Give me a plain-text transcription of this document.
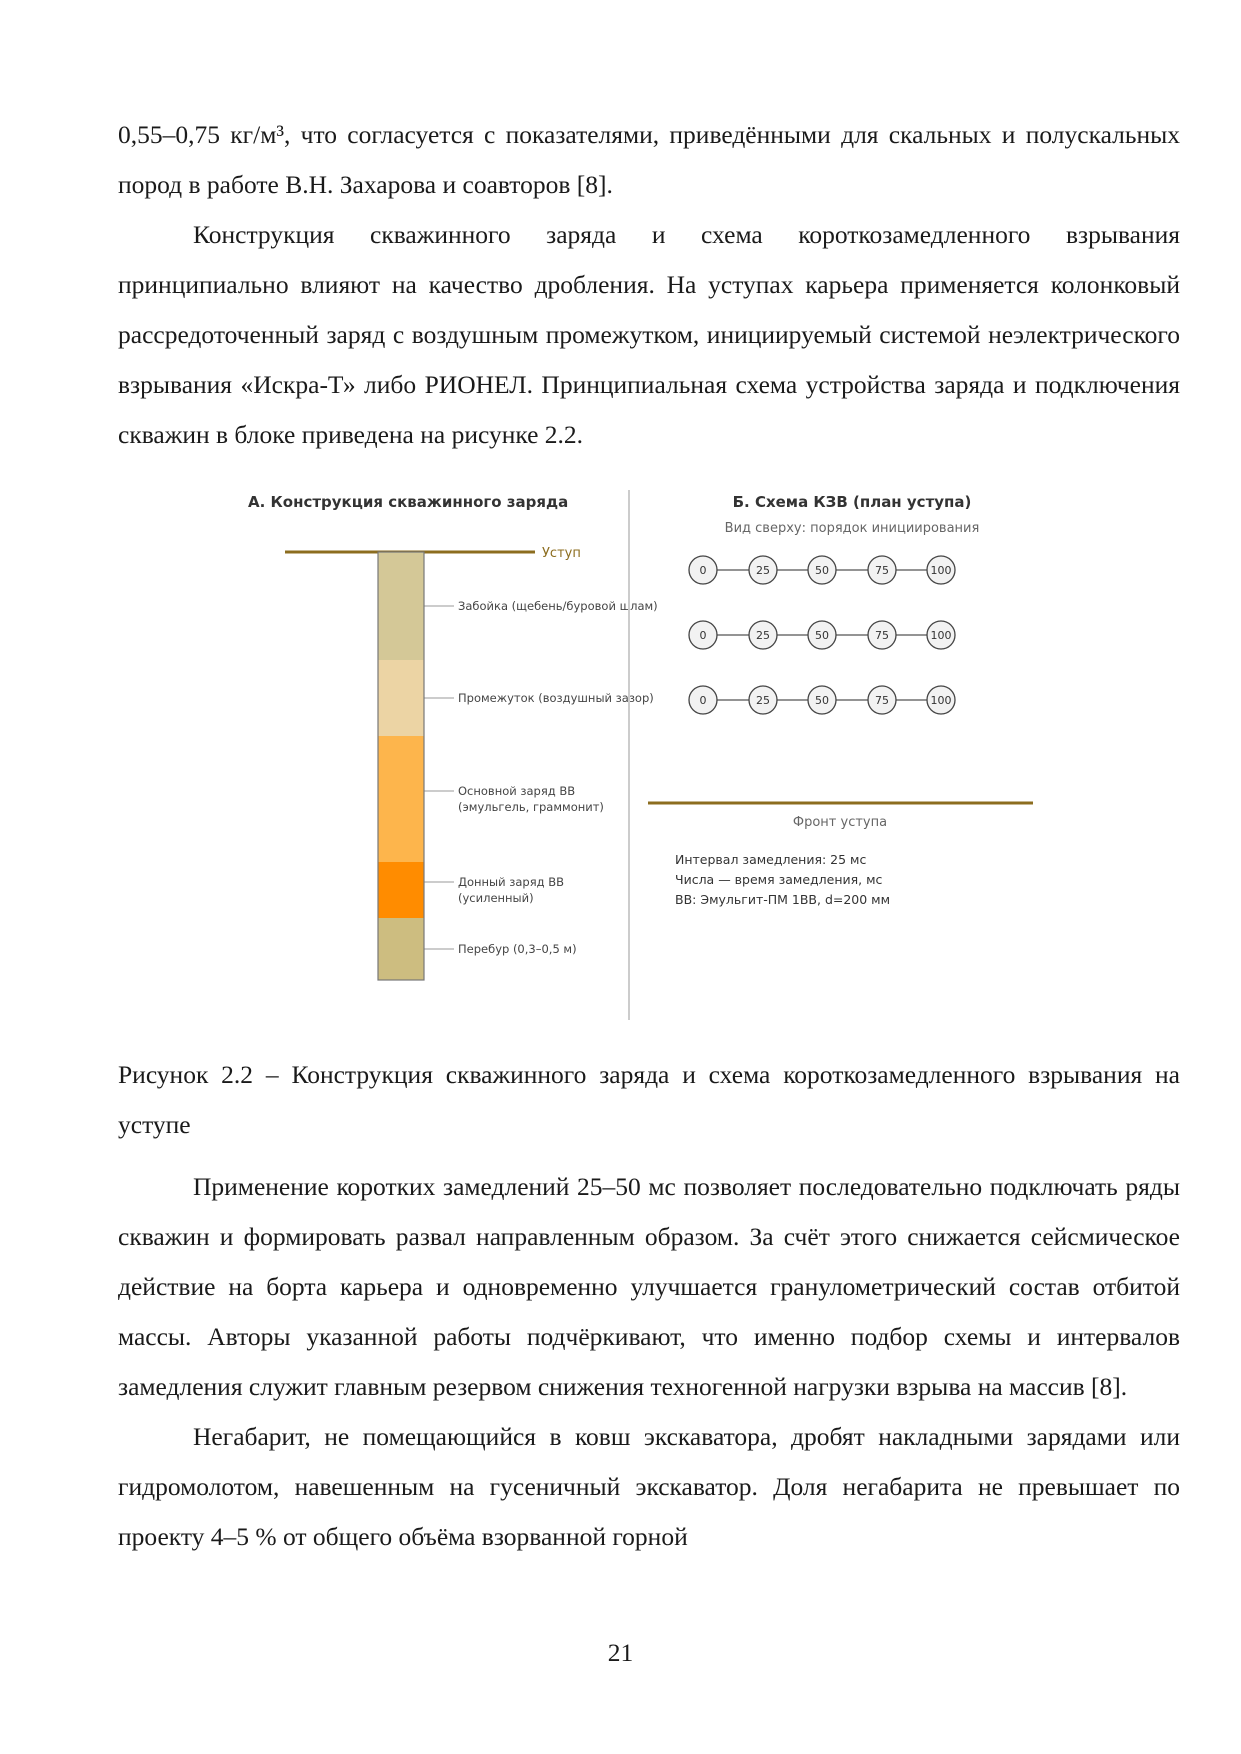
0,55–0,75 кг/м³, что согласуется с показателями, приведёнными для скальных и полускальных пород в работе В.Н. Захарова и соавторов [8].

Конструкция скважинного заряда и схема короткозамедленного взрывания принципиально влияют на качество дробления. На уступах карьера применяется колонковый рассредоточенный заряд с воздушным промежутком, инициируемый системой неэлектрического взрывания «Искра-Т» либо РИОНЕЛ. Принципиальная схема устройства заряда и подключения скважин в блоке приведена на рисунке 2.2.

А. Конструкция скважинного заряда
Уступ
Забойка (щебень/буровой шлам)
Промежуток (воздушный зазор)
Основной заряд ВВ
(эмульгель, граммонит)
Донный заряд ВВ
(усиленный)
Перебур (0,3–0,5 м)
Б. Схема КЗВ (план уступа)
Вид сверху: порядок инициирования
0	25	50	75	100
0	25	50	75	100
0	25	50	75	100
Фронт уступа
Интервал замедления: 25 мс
Числа — время замедления, мс
ВВ: Эмульгит-ПМ 1ВВ, d=200 мм

Рисунок 2.2 – Конструкция скважинного заряда и схема короткозамедленного взрывания на уступе

Применение коротких замедлений 25–50 мс позволяет последовательно подключать ряды скважин и формировать развал направленным образом. За счёт этого снижается сейсмическое действие на борта карьера и одновременно улучшается гранулометрический состав отбитой массы. Авторы указанной работы подчёркивают, что именно подбор схемы и интервалов замедления служит главным резервом снижения техногенной нагрузки взрыва на массив [8].

Негабарит, не помещающийся в ковш экскаватора, дробят накладными зарядами или гидромолотом, навешенным на гусеничный экскаватор. Доля негабарита не превышает по проекту 4–5 % от общего объёма взорванной горной

21
